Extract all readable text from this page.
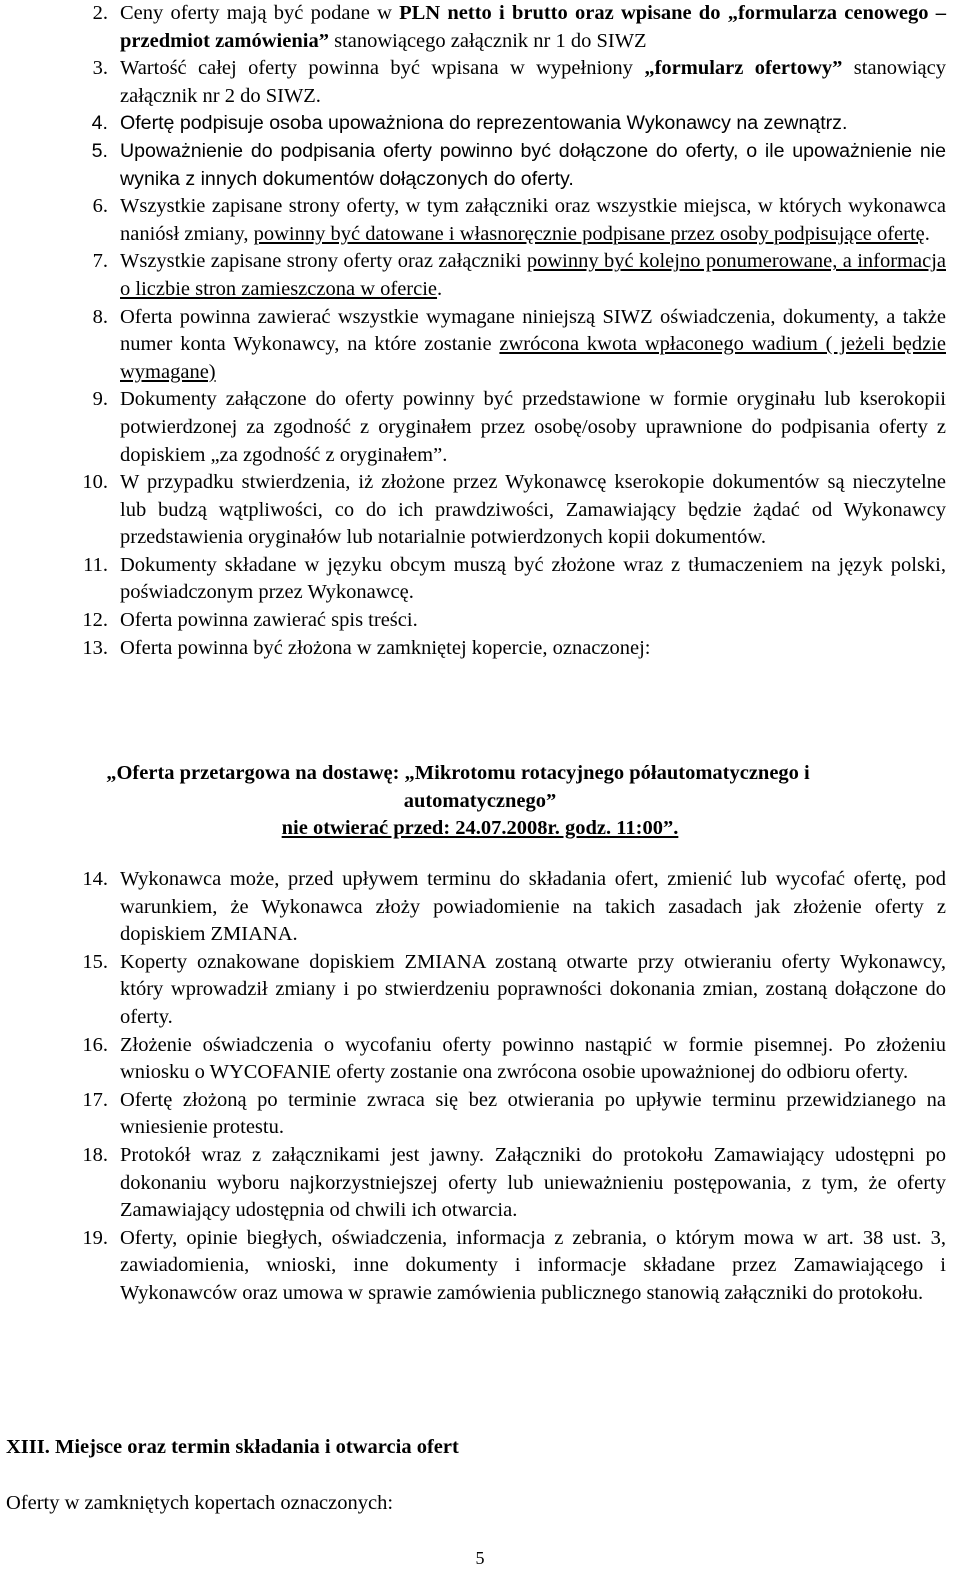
2. Ceny oferty mają być podane w PLN netto i brutto oraz wpisane do „formularza cenowego – przedmiot zamówienia” stanowiącego załącznik nr 1 do SIWZ
3. Wartość całej oferty powinna być wpisana w wypełniony „formularz ofertowy” stanowiący załącznik nr 2 do SIWZ.
4. Ofertę podpisuje osoba upoważniona do reprezentowania Wykonawcy na zewnątrz.
5. Upoważnienie do podpisania oferty powinno być dołączone do oferty, o ile upoważnienie nie wynika z innych dokumentów dołączonych do oferty.
6. Wszystkie zapisane strony oferty, w tym załączniki oraz wszystkie miejsca, w których wykonawca naniósł zmiany, powinny być datowane i własnoręcznie podpisane przez osoby podpisujące ofertę.
7. Wszystkie zapisane strony oferty oraz załączniki powinny być kolejno ponumerowane, a informacja o liczbie stron zamieszczona w ofercie.
8. Oferta powinna zawierać wszystkie wymagane niniejszą SIWZ oświadczenia, dokumenty, a także numer konta Wykonawcy, na które zostanie zwrócona kwota wpłaconego wadium ( jeżeli będzie wymagane)
9. Dokumenty załączone do oferty powinny być przedstawione w formie oryginału lub kserokopii potwierdzonej za zgodność z oryginałem przez osobę/osoby uprawnione do podpisania oferty z dopiskiem „za zgodność z oryginałem”.
10. W przypadku stwierdzenia, iż złożone przez Wykonawcę kserokopie dokumentów są nieczytelne lub budzą wątpliwości, co do ich prawdziwości, Zamawiający będzie żądać od Wykonawcy przedstawienia oryginałów lub notarialnie potwierdzonych kopii dokumentów.
11. Dokumenty składane w języku obcym muszą być złożone wraz z tłumaczeniem na język polski, poświadczonym przez Wykonawcę.
12. Oferta powinna zawierać spis treści.
13. Oferta powinna być złożona w zamkniętej kopercie, oznaczonej:
„Oferta przetargowa na dostawę: „Mikrotomu rotacyjnego półautomatycznego i
automatycznego”
nie otwierać przed: 24.07.2008r. godz. 11:00”.
14. Wykonawca może, przed upływem terminu do składania ofert, zmienić lub wycofać ofertę, pod warunkiem, że Wykonawca złoży powiadomienie na takich zasadach jak złożenie oferty z dopiskiem ZMIANA.
15. Koperty oznakowane dopiskiem ZMIANA zostaną otwarte przy otwieraniu oferty Wykonawcy, który wprowadził zmiany i po stwierdzeniu poprawności dokonania zmian, zostaną dołączone do oferty.
16. Złożenie oświadczenia o wycofaniu oferty powinno nastąpić w formie pisemnej. Po złożeniu wniosku o WYCOFANIE oferty zostanie ona zwrócona osobie upoważnionej do odbioru oferty.
17. Ofertę złożoną po terminie zwraca się bez otwierania po upływie terminu przewidzianego na wniesienie protestu.
18. Protokół wraz z załącznikami jest jawny. Załączniki do protokołu Zamawiający udostępni po dokonaniu wyboru najkorzystniejszej oferty lub unieważnieniu postępowania, z tym, że oferty Zamawiający udostępnia od chwili ich otwarcia.
19. Oferty, opinie biegłych, oświadczenia, informacja z zebrania, o którym mowa w art. 38 ust. 3, zawiadomienia, wnioski, inne dokumenty i informacje składane przez Zamawiającego i Wykonawców oraz umowa w sprawie zamówienia publicznego stanowią załączniki do protokołu.
XIII. Miejsce oraz termin składania i otwarcia ofert
Oferty w zamkniętych kopertach oznaczonych:
5
